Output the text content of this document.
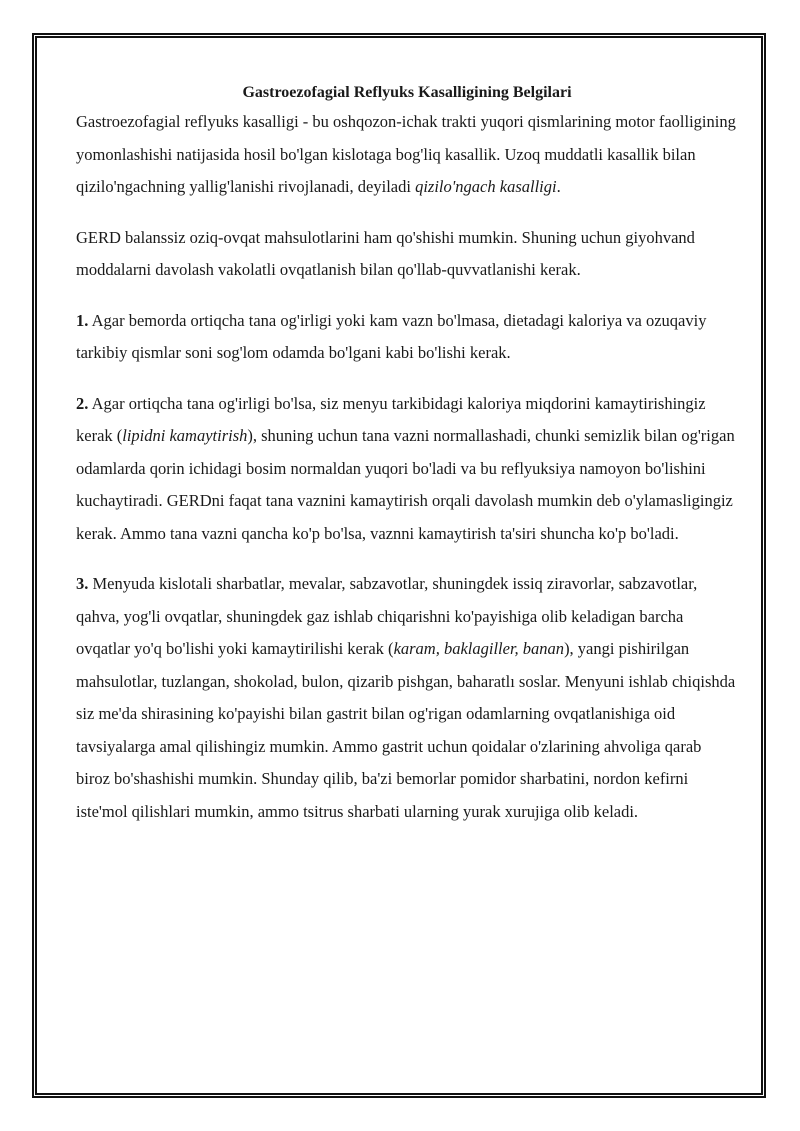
Gastroezofagial Reflyuks Kasalligining Belgilari

Gastroezofagial reflyuks kasalligi - bu oshqozon-ichak trakti yuqori qismlarining motor faolligining yomonlashishi natijasida hosil bo'lgan kislotaga bog'liq kasallik. Uzoq muddatli kasallik bilan qizilo'ngachning yallig'lanishi rivojlanadi, deyiladi qizilo'ngach kasalligi.

GERD balanssiz oziq-ovqat mahsulotlarini ham qo'shishi mumkin. Shuning uchun giyohvand moddalarni davolash vakolatli ovqatlanish bilan qo'llab-quvvatlanishi kerak.

1. Agar bemorda ortiqcha tana og'irligi yoki kam vazn bo'lmasa, dietadagi kaloriya va ozuqaviy tarkibiy qismlar soni sog'lom odamda bo'lgani kabi bo'lishi kerak.

2. Agar ortiqcha tana og'irligi bo'lsa, siz menyu tarkibidagi kaloriya miqdorini kamaytirishingiz kerak (lipidni kamaytirish), shuning uchun tana vazni normallashadi, chunki semizlik bilan og'rigan odamlarda qorin ichidagi bosim normaldan yuqori bo'ladi va bu reflyuksiya namoyon bo'lishini kuchaytiradi. GERDni faqat tana vaznini kamaytirish orqali davolash mumkin deb o'ylamasligingiz kerak. Ammo tana vazni qancha ko'p bo'lsa, vaznni kamaytirish ta'siri shuncha ko'p bo'ladi.

3. Menyuda kislotali sharbatlar, mevalar, sabzavotlar, shuningdek issiq ziravorlar, sabzavotlar, qahva, yog'li ovqatlar, shuningdek gaz ishlab chiqarishni ko'payishiga olib keladigan barcha ovqatlar yo'q bo'lishi yoki kamaytirilishi kerak (karam, baklagiller, banan), yangi pishirilgan mahsulotlar, tuzlangan, shokolad, bulon, qizarib pishgan, baharatlı soslar. Menyuni ishlab chiqishda siz me'da shirasining ko'payishi bilan gastrit bilan og'rigan odamlarning ovqatlanishiga oid tavsiyalarga amal qilishingiz mumkin. Ammo gastrit uchun qoidalar o'zlarining ahvoliga qarab biroz bo'shashishi mumkin. Shunday qilib, ba'zi bemorlar pomidor sharbatini, nordon kefirni iste'mol qilishlari mumkin, ammo tsitrus sharbati ularning yurak xurujiga olib keladi.
